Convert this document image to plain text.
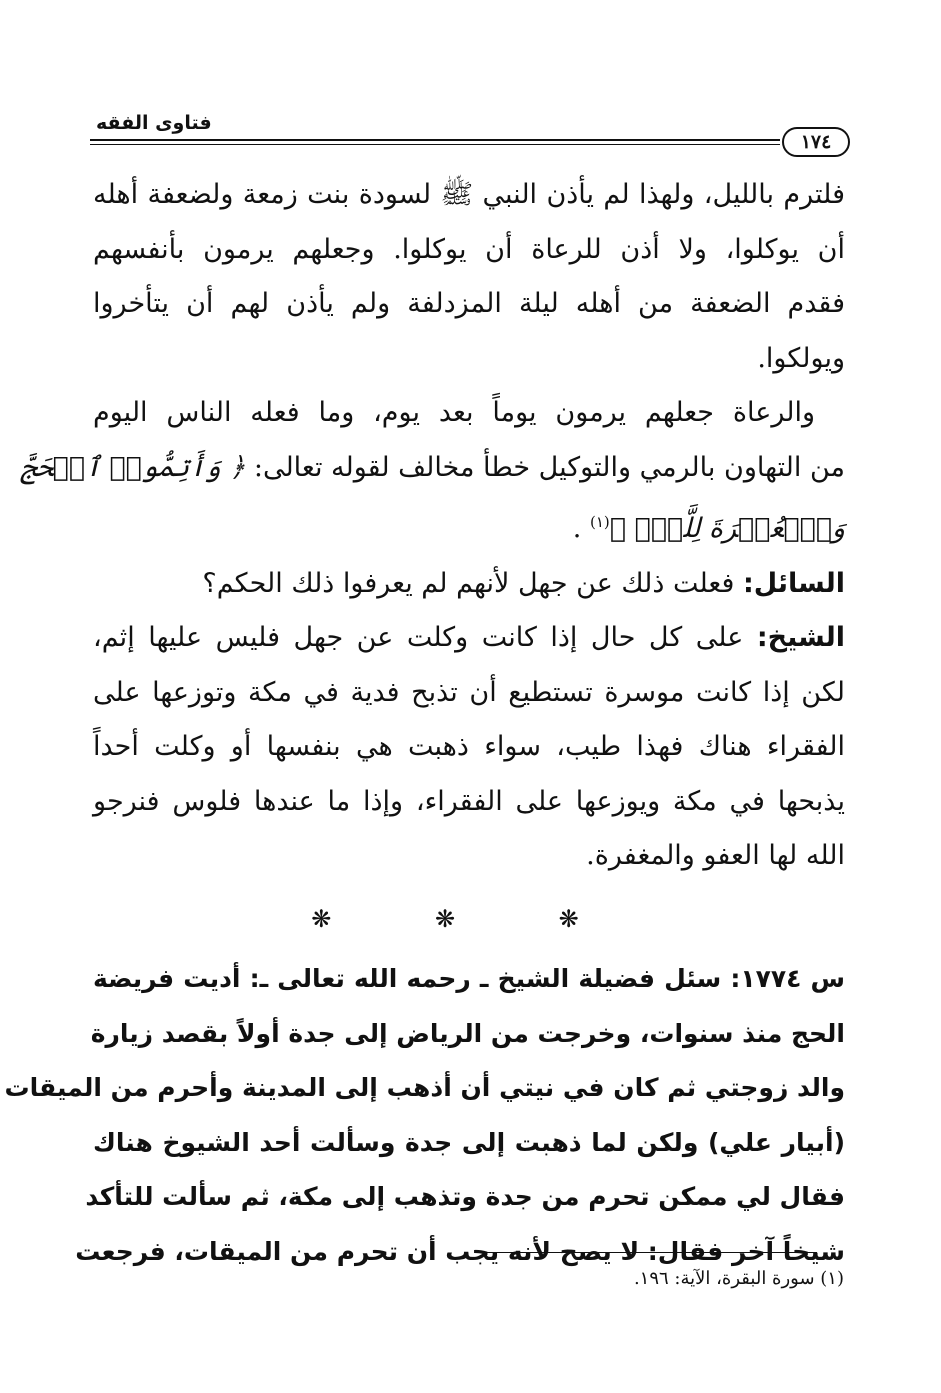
فتاوى الفقه
١٧٤

فلترم بالليل، ولهذا لم يأذن النبي ﷺ لسودة بنت زمعة ولضعفة أهله
أن يوكلوا، ولا أذن للرعاة أن يوكلوا. وجعلهم يرمون بأنفسهم
فقدم الضعفة من أهله ليلة المزدلفة ولم يأذن لهم أن يتأخروا
ويولكوا.

والرعاة جعلهم يرمون يوماً بعد يوم، وما فعله الناس اليوم
من التهاون بالرمي والتوكيل خطأ مخالف لقوله تعالى: ﴿ وَأَتِمُّوا۟ ٱلۡحَجَّ
وَٱلۡعُمۡرَةَ لِلَّهِۚ ﴾$^{(١)}$ .

السائل: فعلت ذلك عن جهل لأنهم لم يعرفوا ذلك الحكم؟

الشيخ: على كل حال إذا كانت وكلت عن جهل فليس عليها إثم،
لكن إذا كانت موسرة تستطيع أن تذبح فدية في مكة وتوزعها على
الفقراء هناك فهذا طيب، سواء ذهبت هي بنفسها أو وكلت أحداً
يذبحها في مكة ويوزعها على الفقراء، وإذا ما عندها فلوس فنرجو
الله لها العفو والمغفرة.

❋ ❋ ❋

س ١٧٧٤: سئل فضيلة الشيخ ـ رحمه الله تعالى ـ: أديت فريضة
الحج منذ سنوات، وخرجت من الرياض إلى جدة أولاً بقصد زيارة
والد زوجتي ثم كان في نيتي أن أذهب إلى المدينة وأحرم من الميقات
(أبيار علي) ولكن لما ذهبت إلى جدة وسألت أحد الشيوخ هناك
فقال لي ممكن تحرم من جدة وتذهب إلى مكة، ثم سألت للتأكد
شيخاً آخر فقال: لا يصح لأنه يجب أن تحرم من الميقات، فرجعت

(١) سورة البقرة، الآية: ١٩٦.
